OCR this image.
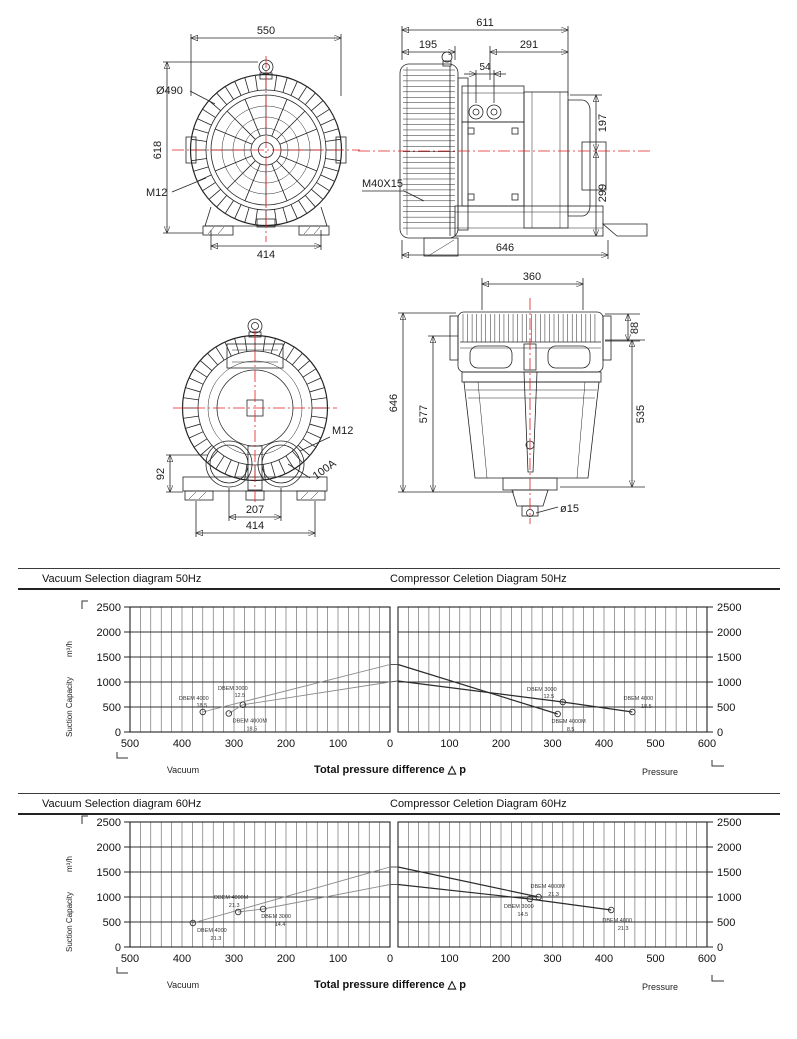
550
618
Ø490
M12
414
611
195	291
54
197
299
646
M40X15
M12
100A
92
207
414
360
88
646
577	535
ø15
Vacuum Selection diagram 50Hz	Compressor Celetion Diagram 50Hz
2500	2500
2000	2000
1500	1500
1000	1000
500	500
0	0
500	400	300	200	100	0	100	200	300	400	500	600
m³/h
Suction Capacity
Vacuum	Total pressure difference △ p	Pressure
DBEM 4000
18.5
DBEM 4000M
18.5
DBEM 3000
12.5
DBEM 4000M
8.5
DBEM 3000
12.5	DBEM 4000
18.5
Vacuum Selection diagram 60Hz	Compressor Celetion Diagram 60Hz
2500	2500
2000	2000
1500	1500
1000	1000
500	500
0	0
500	400	300	200	100	0	100	200	300	400	500	600
m³/h
Suction Capacity
Vacuum	Total pressure difference △ p	Pressure
DBEM 4000
21.3
DBEM 4000M
21.3
DBEM 3000
14.4
DBEM 4000M
21.3
DBEM 3000
14.5
DBEM 4000
21.3
